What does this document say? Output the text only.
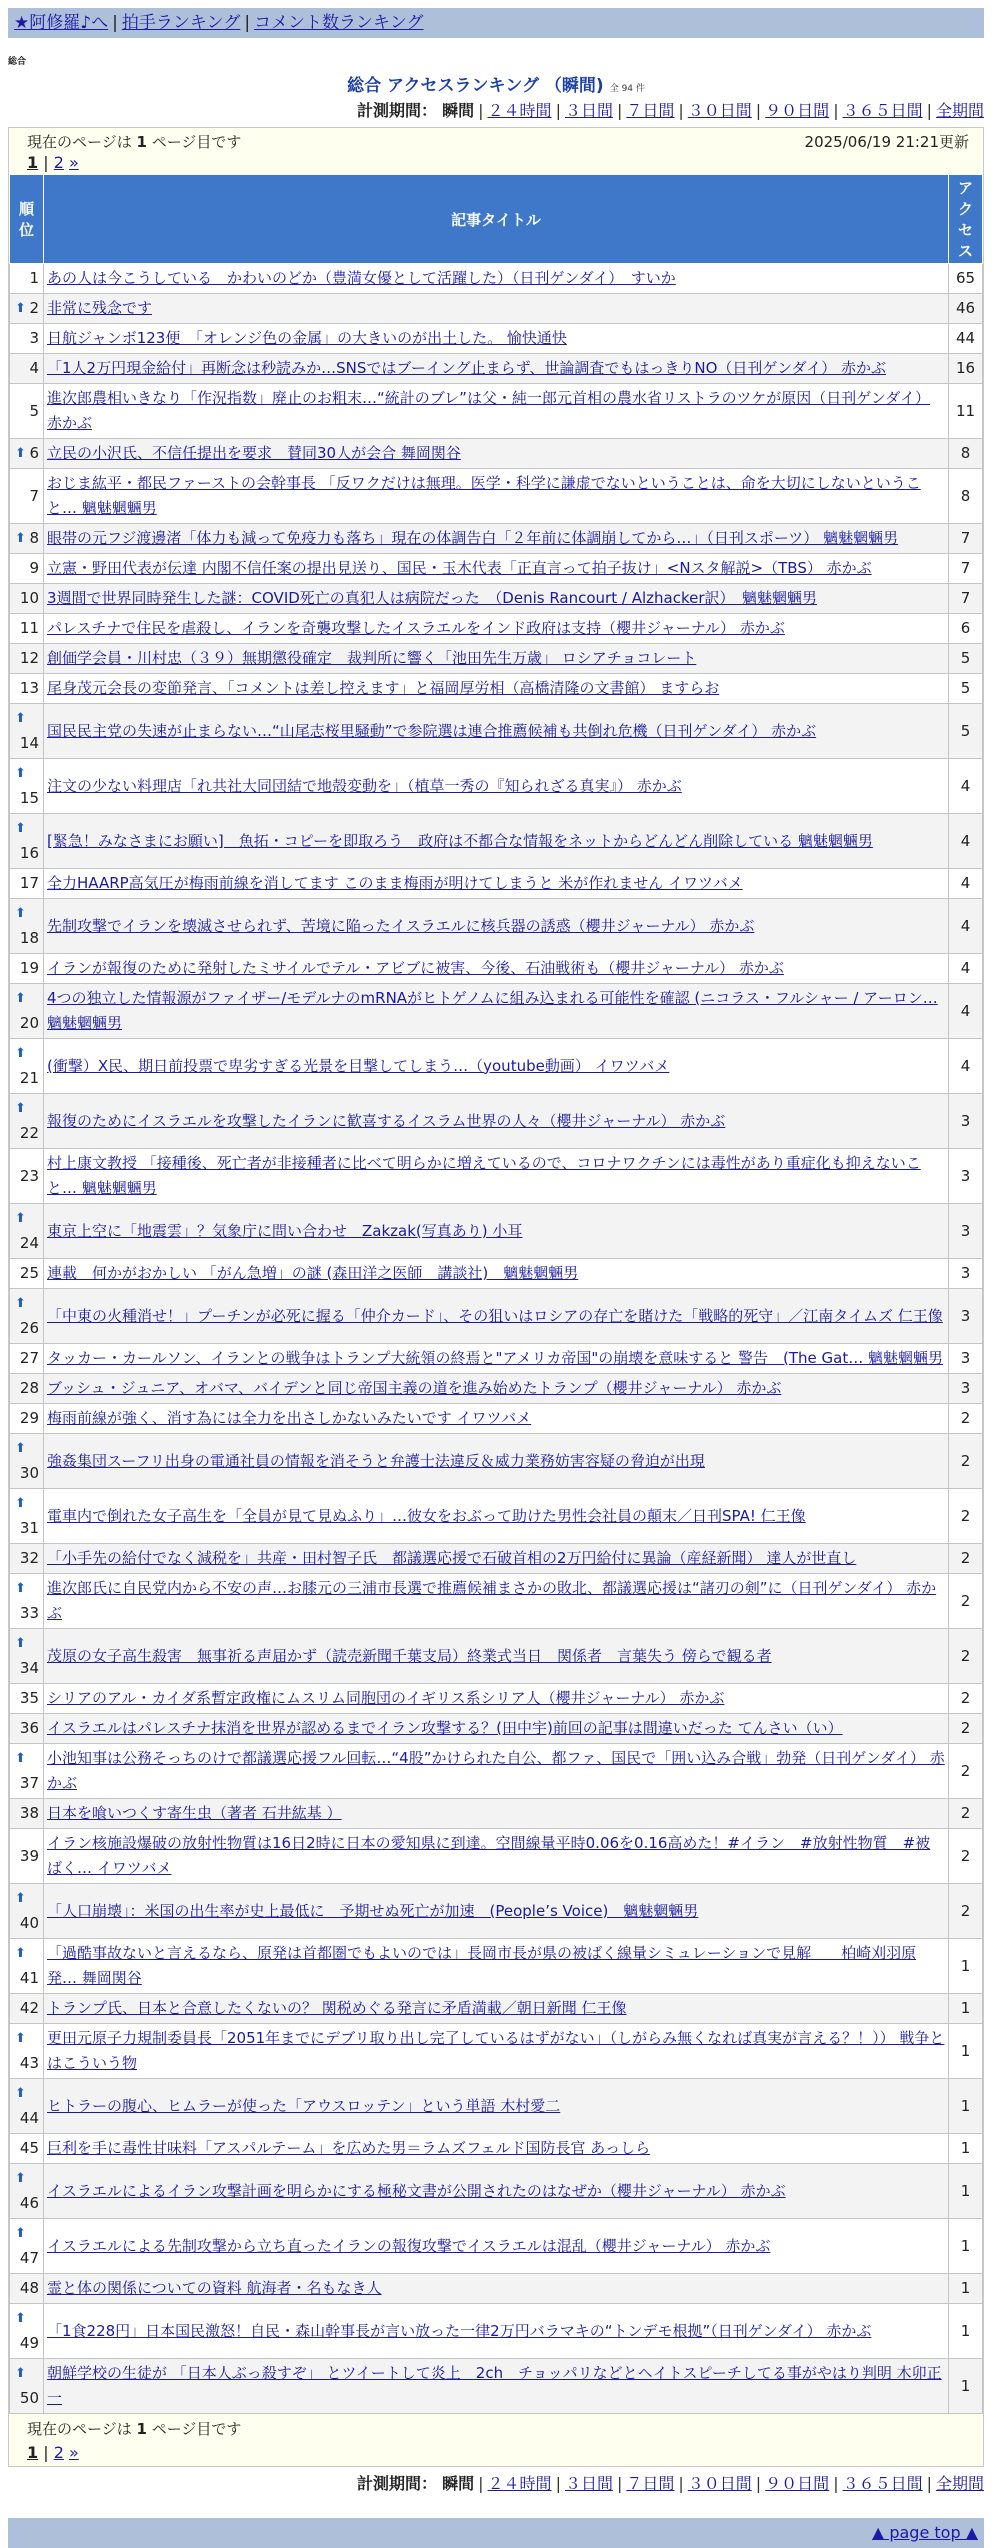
★阿修羅♪へ | 拍手ランキング | コメント数ランキング
総合
総合 アクセスランキング （瞬間) 全 94 件
計測期間： 瞬間 | ２４時間 | ３日間 | ７日間 | ３０日間 | ９０日間 | ３６５日間 | 全期間
現在のページは 1 ページ目です	2025/06/19 21:21更新
1 | 2 »
順位	記事タイトル	アクセス
1	あの人は今こうしている　かわいのどか（豊満女優として活躍した）（日刊ゲンダイ）　すいか	65

⬆ 2	非常に残念です	46
3	日航ジャンボ123便　「オレンジ色の金属」の大きいのが出土した。 愉快通快	44
4	「1人2万円現金給付」再断念は秒読みか…SNSではブーイング止まらず、世論調査でもはっきりNO（日刊ゲンダイ） 赤かぶ	16
5	進次郎農相いきなり「作況指数」廃止のお粗末…“統計のブレ”は父・純一郎元首相の農水省リストラのツケが原因（日刊ゲンダイ） 赤かぶ	11

⬆ 6	立民の小沢氏、不信任提出を要求　賛同30人が会合 舞岡関谷	8
7	おじま紘平・都民ファーストの会幹事長 「反ワクだけは無理。医学・科学に謙虚でないということは、命を大切にしないということ… 魑魅魍魎男	8

⬆ 8	眼帯の元フジ渡邊渚「体力も減って免疫力も落ち」現在の体調告白「２年前に体調崩してから…」（日刊スポーツ） 魑魅魍魎男	7
9	立憲・野田代表が伝達 内閣不信任案の提出見送り、国民・玉木代表「正直言って拍子抜け」<Nスタ解説>（TBS） 赤かぶ	7
10	3週間で世界同時発生した謎：COVID死亡の真犯人は病院だった　（Denis Rancourt / Alzhacker訳）　魑魅魍魎男	7
11	パレスチナで住民を虐殺し、イランを奇襲攻撃したイスラエルをインド政府は支持（櫻井ジャーナル） 赤かぶ	6
12	創価学会員・川村忠（３９）無期懲役確定　裁判所に響く「池田先生万歳」 ロシアチョコレート	5
13	尾身茂元会長の変節発言、「コメントは差し控えます」と福岡厚労相（高橋清隆の文書館） ますらお	5

⬆
14	国民民主党の失速が止まらない…“山尾志桜里騒動”で参院選は連合推薦候補も共倒れ危機（日刊ゲンダイ） 赤かぶ	5

⬆
15	注文の少ない料理店「れ共社大同団結で地殻変動を」（植草一秀の『知られざる真実』） 赤かぶ	4

⬆
16	[緊急！みなさまにお願い]　魚拓・コピーを即取ろう　政府は不都合な情報をネットからどんどん削除している 魑魅魍魎男	4
17	全力HAARP高気圧が梅雨前線を消してます このまま梅雨が明けてしまうと 米が作れません イワツバメ	4

⬆
18	先制攻撃でイランを壊滅させられず、苦境に陥ったイスラエルに核兵器の誘惑（櫻井ジャーナル） 赤かぶ	4
19	イランが報復のために発射したミサイルでテル・アビブに被害、今後、石油戦術も（櫻井ジャーナル） 赤かぶ	4

⬆
20	4つの独立した情報源がファイザー/モデルナのmRNAがヒトゲノムに組み込まれる可能性を確認 (ニコラス・フルシャー / アーロン… 魑魅魍魎男	4

⬆
21	(衝撃）X民、期日前投票で卑劣すぎる光景を目撃してしまう…（youtube動画） イワツバメ	4

⬆
22	報復のためにイスラエルを攻撃したイランに歓喜するイスラム世界の人々（櫻井ジャーナル） 赤かぶ	3
23	村上康文教授 「接種後、死亡者が非接種者に比べて明らかに増えているので、コロナワクチンには毒性があり重症化も抑えないこと… 魑魅魍魎男	3

⬆
24	東京上空に「地震雲」？気象庁に問い合わせ　Zakzak(写真あり) 小耳	3
25	連載　何かがおかしい 「がん急増」の謎 (森田洋之医師　講談社)　魑魅魍魎男	3

⬆
26	「中東の火種消せ！」プーチンが必死に握る「仲介カード」、その狙いはロシアの存亡を賭けた「戦略的死守」／江南タイムズ 仁王像	3
27	タッカー・カールソン、イランとの戦争はトランプ大統領の終焉と"アメリカ帝国"の崩壊を意味すると 警告　(The Gat… 魑魅魍魎男	3
28	ブッシュ・ジュニア、オバマ、バイデンと同じ帝国主義の道を進み始めたトランプ（櫻井ジャーナル） 赤かぶ	3
29	梅雨前線が強く、消す為には全力を出さしかないみたいです イワツバメ	2

⬆
30	強姦集団スーフリ出身の電通社員の情報を消そうと弁護士法違反＆威力業務妨害容疑の脅迫が出現	2

⬆
31	電車内で倒れた女子高生を「全員が見て見ぬふり」…彼女をおぶって助けた男性会社員の顛末／日刊SPA! 仁王像	2
32	「小手先の給付でなく減税を」共産・田村智子氏　都議選応援で石破首相の2万円給付に異論（産経新聞） 達人が世直し	2

⬆
33	進次郎氏に自民党内から不安の声…お膝元の三浦市長選で推薦候補まさかの敗北、都議選応援は“諸刃の剣”に（日刊ゲンダイ） 赤かぶ	2

⬆
34	茂原の女子高生殺害　無事祈る声届かず（読売新聞千葉支局）終業式当日　関係者　言葉失う 傍らで観る者	2
35	シリアのアル・カイダ系暫定政権にムスリム同胞団のイギリス系シリア人（櫻井ジャーナル） 赤かぶ	2
36	イスラエルはパレスチナ抹消を世界が認めるまでイラン攻撃する？(田中宇)前回の記事は間違いだった てんさい（い）	2

⬆
37	小池知事は公務そっちのけで都議選応援フル回転…“4股”かけられた自公、都ファ、国民で「囲い込み合戦」勃発（日刊ゲンダイ） 赤かぶ	2
38	日本を喰いつくす寄生虫（著者 石井紘基 ）	2
39	イラン核施設爆破の放射性物質は16日2時に日本の愛知県に到達。空間線量平時0.06を0.16高めた！#イラン　#放射性物質　#被ばく… イワツバメ	2

⬆
40	「人口崩壊」：米国の出生率が史上最低に　予期せぬ死亡が加速　(People’s Voice)　魑魅魍魎男	2

⬆
41	「過酷事故ないと言えるなら、原発は首都圏でもよいのでは」長岡市長が県の被ばく線量シミュレーションで見解　　柏崎刈羽原発… 舞岡関谷	1
42	トランプ氏、日本と合意したくないの？ 関税めぐる発言に矛盾満載／朝日新聞 仁王像	1

⬆
43	更田元原子力規制委員長「2051年までにデブリ取り出し完了しているはずがない」（しがらみ無くなれば真実が言える？！）） 戦争とはこういう物	1

⬆
44	ヒトラーの腹心、ヒムラーが使った「アウスロッテン」という単語 木村愛二	1
45	巨利を手に毒性甘味料「アスパルテーム」を広めた男＝ラムズフェルド国防長官 あっしら	1

⬆
46	イスラエルによるイラン攻撃計画を明らかにする極秘文書が公開されたのはなぜか（櫻井ジャーナル） 赤かぶ	1

⬆
47	イスラエルによる先制攻撃から立ち直ったイランの報復攻撃でイスラエルは混乱（櫻井ジャーナル） 赤かぶ	1
48	霊と体の関係についての資料 航海者・名もなき人	1

⬆
49	「1食228円」日本国民激怒！自民・森山幹事長が言い放った一律2万円バラマキの“トンデモ根拠”（日刊ゲンダイ） 赤かぶ	1

⬆
50	朝鮮学校の生徒が 「日本人ぶっ殺すぞ」 とツイートして炎上　2ch　チョッパリなどとヘイトスピーチしてる事がやはり判明 木卯正一	1
現在のページは 1 ページ目です
1 | 2 »
計測期間： 瞬間 | ２４時間 | ３日間 | ７日間 | ３０日間 | ９０日間 | ３６５日間 | 全期間
▲ page top ▲
